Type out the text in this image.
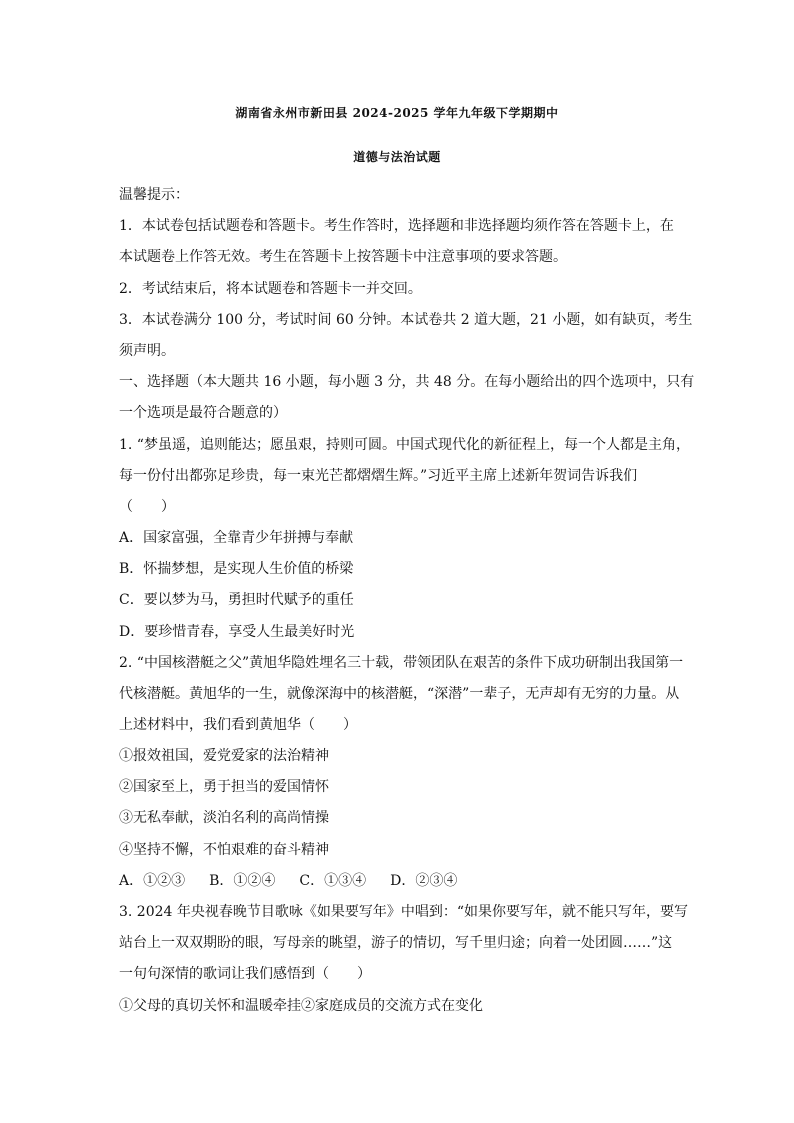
湖南省永州市新田县 2024-2025 学年九年级下学期期中
道德与法治试题
温馨提示：
1．本试卷包括试题卷和答题卡。考生作答时，选择题和非选择题均须作答在答题卡上，在
本试题卷上作答无效。考生在答题卡上按答题卡中注意事项的要求答题。
2．考试结束后，将本试题卷和答题卡一并交回。
3．本试卷满分 100 分，考试时间 60 分钟。本试卷共 2 道大题，21 小题，如有缺页，考生
须声明。
一、选择题（本大题共 16 小题，每小题 3 分，共 48 分。在每小题给出的四个选项中，只有
一个选项是最符合题意的）
1. “梦虽遥，追则能达；愿虽艰，持则可圆。中国式现代化的新征程上，每一个人都是主角，
每一份付出都弥足珍贵，每一束光芒都熠熠生辉。”习近平主席上述新年贺词告诉我们
（　　）
A．国家富强，全靠青少年拼搏与奉献
B．怀揣梦想，是实现人生价值的桥梁
C．要以梦为马，勇担时代赋予的重任
D．要珍惜青春，享受人生最美好时光
2. “中国核潜艇之父”黄旭华隐姓埋名三十载，带领团队在艰苦的条件下成功研制出我国第一
代核潜艇。黄旭华的一生，就像深海中的核潜艇，“深潜”一辈子，无声却有无穷的力量。从
上述材料中，我们看到黄旭华（　　）
①报效祖国，爱党爱家的法治精神
②国家至上，勇于担当的爱国情怀
③无私奉献，淡泊名利的高尚情操
④坚持不懈，不怕艰难的奋斗精神
A．①②③ B．①②④ C．①③④ D．②③④
3. 2024 年央视春晚节目歌咏《如果要写年》中唱到：“如果你要写年，就不能只写年，要写
站台上一双双期盼的眼，写母亲的眺望，游子的情切，写千里归途；向着一处团圆……”这
一句句深情的歌词让我们感悟到（　　）
①父母的真切关怀和温暖牵挂②家庭成员的交流方式在变化
